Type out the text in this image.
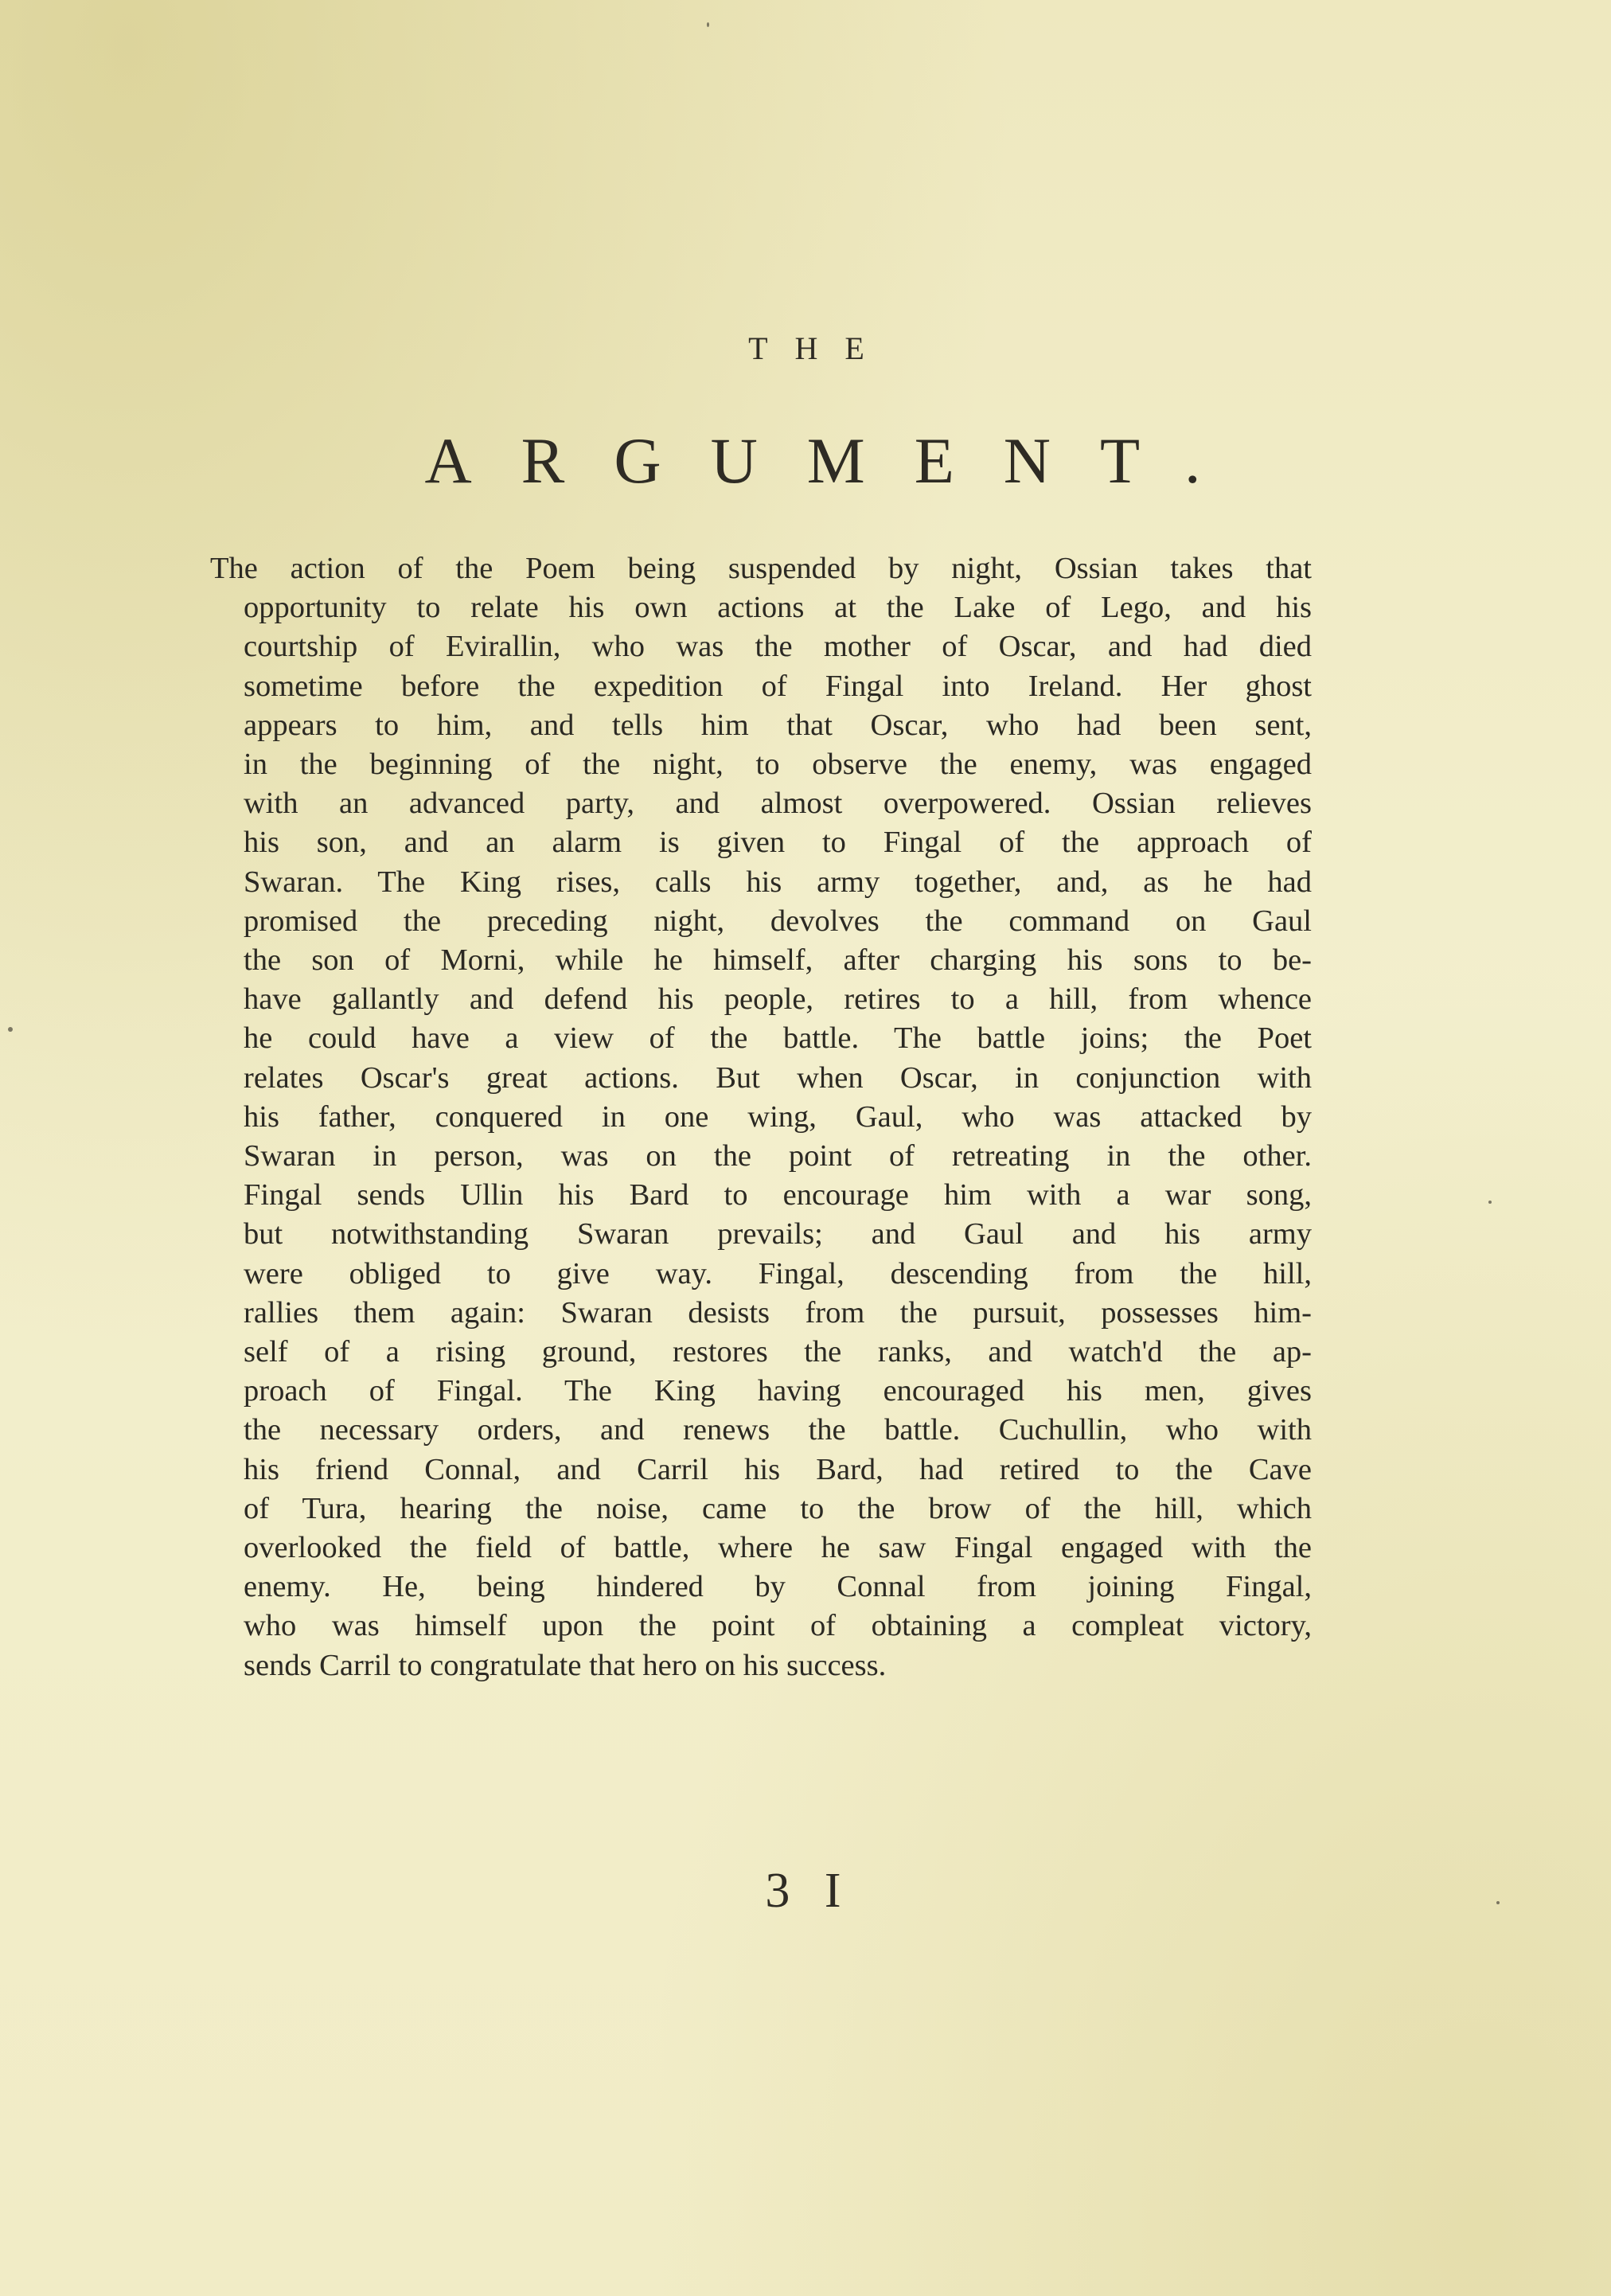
THE
ARGUMENT.
The action of the Poem being suspended by night, Ossian takes that
opportunity to relate his own actions at the Lake of Lego, and his
courtship of Evirallin, who was the mother of Oscar, and had died
sometime before the expedition of Fingal into Ireland. Her ghost
appears to him, and tells him that Oscar, who had been sent,
in the beginning of the night, to observe the enemy, was engaged
with an advanced party, and almost overpowered. Ossian relieves
his son, and an alarm is given to Fingal of the approach of
Swaran. The King rises, calls his army together, and, as he had
promised the preceding night, devolves the command on Gaul
the son of Morni, while he himself, after charging his sons to be-
have gallantly and defend his people, retires to a hill, from whence
he could have a view of the battle. The battle joins; the Poet
relates Oscar's great actions. But when Oscar, in conjunction with
his father, conquered in one wing, Gaul, who was attacked by
Swaran in person, was on the point of retreating in the other.
Fingal sends Ullin his Bard to encourage him with a war song,
but notwithstanding Swaran prevails; and Gaul and his army
were obliged to give way. Fingal, descending from the hill,
rallies them again: Swaran desists from the pursuit, possesses him-
self of a rising ground, restores the ranks, and watch'd the ap-
proach of Fingal. The King having encouraged his men, gives
the necessary orders, and renews the battle. Cuchullin, who with
his friend Connal, and Carril his Bard, had retired to the Cave
of Tura, hearing the noise, came to the brow of the hill, which
overlooked the field of battle, where he saw Fingal engaged with the
enemy. He, being hindered by Connal from joining Fingal,
who was himself upon the point of obtaining a compleat victory,
sends Carril to congratulate that hero on his success.
3 I
